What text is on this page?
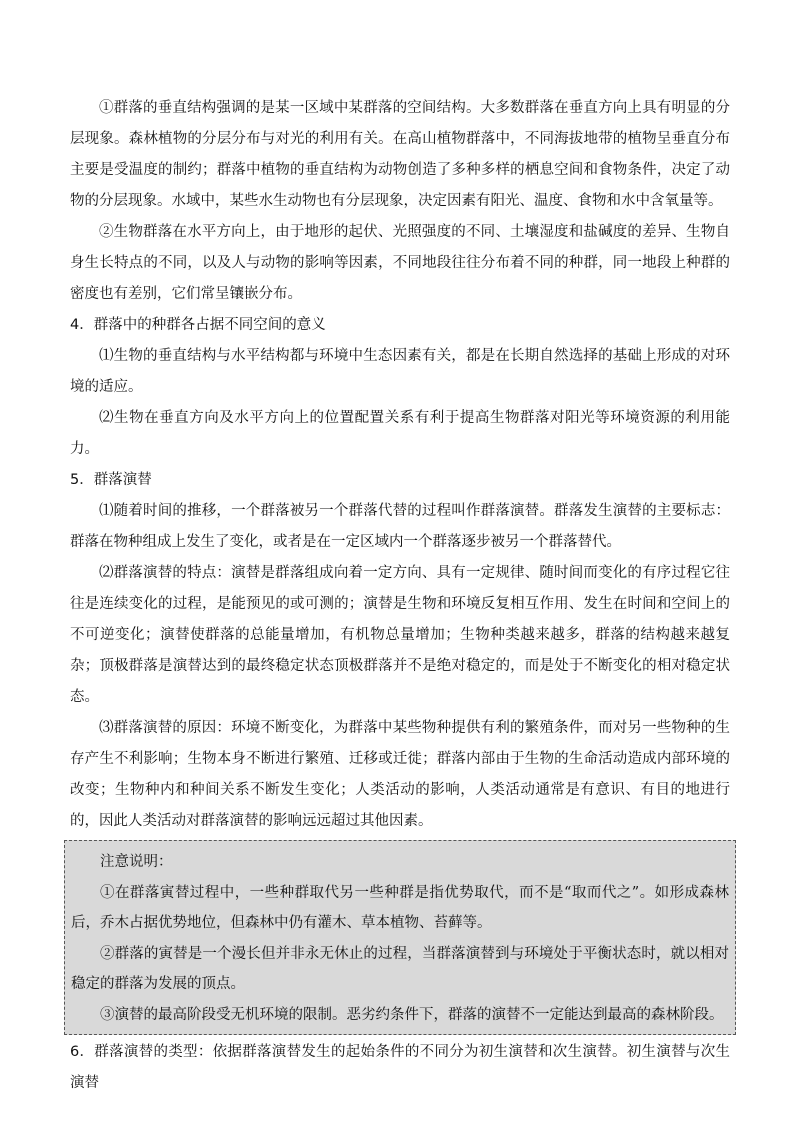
①群落的垂直结构强调的是某一区域中某群落的空间结构。大多数群落在垂直方向上具有明显的分层现象。森林植物的分层分布与对光的利用有关。在高山植物群落中，不同海拔地带的植物呈垂直分布主要是受温度的制约；群落中植物的垂直结构为动物创造了多种多样的栖息空间和食物条件，决定了动物的分层现象。水域中，某些水生动物也有分层现象，决定因素有阳光、温度、食物和水中含氧量等。

②生物群落在水平方向上，由于地形的起伏、光照强度的不同、土壤湿度和盐碱度的差异、生物自身生长特点的不同，以及人与动物的影响等因素，不同地段往往分布着不同的种群，同一地段上种群的密度也有差别，它们常呈镶嵌分布。

4．群落中的种群各占据不同空间的意义

⑴生物的垂直结构与水平结构都与环境中生态因素有关，都是在长期自然选择的基础上形成的对环境的适应。

⑵生物在垂直方向及水平方向上的位置配置关系有利于提高生物群落对阳光等环境资源的利用能力。

5．群落演替

⑴随着时间的推移，一个群落被另一个群落代替的过程叫作群落演替。群落发生演替的主要标志：群落在物种组成上发生了变化，或者是在一定区域内一个群落逐步被另一个群落替代。

⑵群落演替的特点：演替是群落组成向着一定方向、具有一定规律、随时间而变化的有序过程它往往是连续变化的过程，是能预见的或可测的；演替是生物和环境反复相互作用、发生在时间和空间上的不可逆变化；演替使群落的总能量增加，有机物总量增加；生物种类越来越多，群落的结构越来越复杂；顶极群落是演替达到的最终稳定状态顶极群落并不是绝对稳定的，而是处于不断变化的相对稳定状态。

⑶群落演替的原因：环境不断变化，为群落中某些物种提供有利的繁殖条件，而对另一些物种的生存产生不利影响；生物本身不断进行繁殖、迁移或迁徙；群落内部由于生物的生命活动造成内部环境的改变；生物种内和种间关系不断发生变化；人类活动的影响，人类活动通常是有意识、有目的地进行的，因此人类活动对群落演替的影响远远超过其他因素。

注意说明：

①在群落寅替过程中，一些种群取代另一些种群是指优势取代，而不是“取而代之”。如形成森林后，乔木占据优势地位，但森林中仍有灌木、草本植物、苔藓等。

②群落的寅替是一个漫长但并非永无休止的过程，当群落演替到与环境处于平衡状态时，就以相对稳定的群落为发展的顶点。

③演替的最高阶段受无机环境的限制。恶劣约条件下，群落的演替不一定能达到最高的森林阶段。

6．群落演替的类型：依据群落演替发生的起始条件的不同分为初生演替和次生演替。初生演替与次生演替
